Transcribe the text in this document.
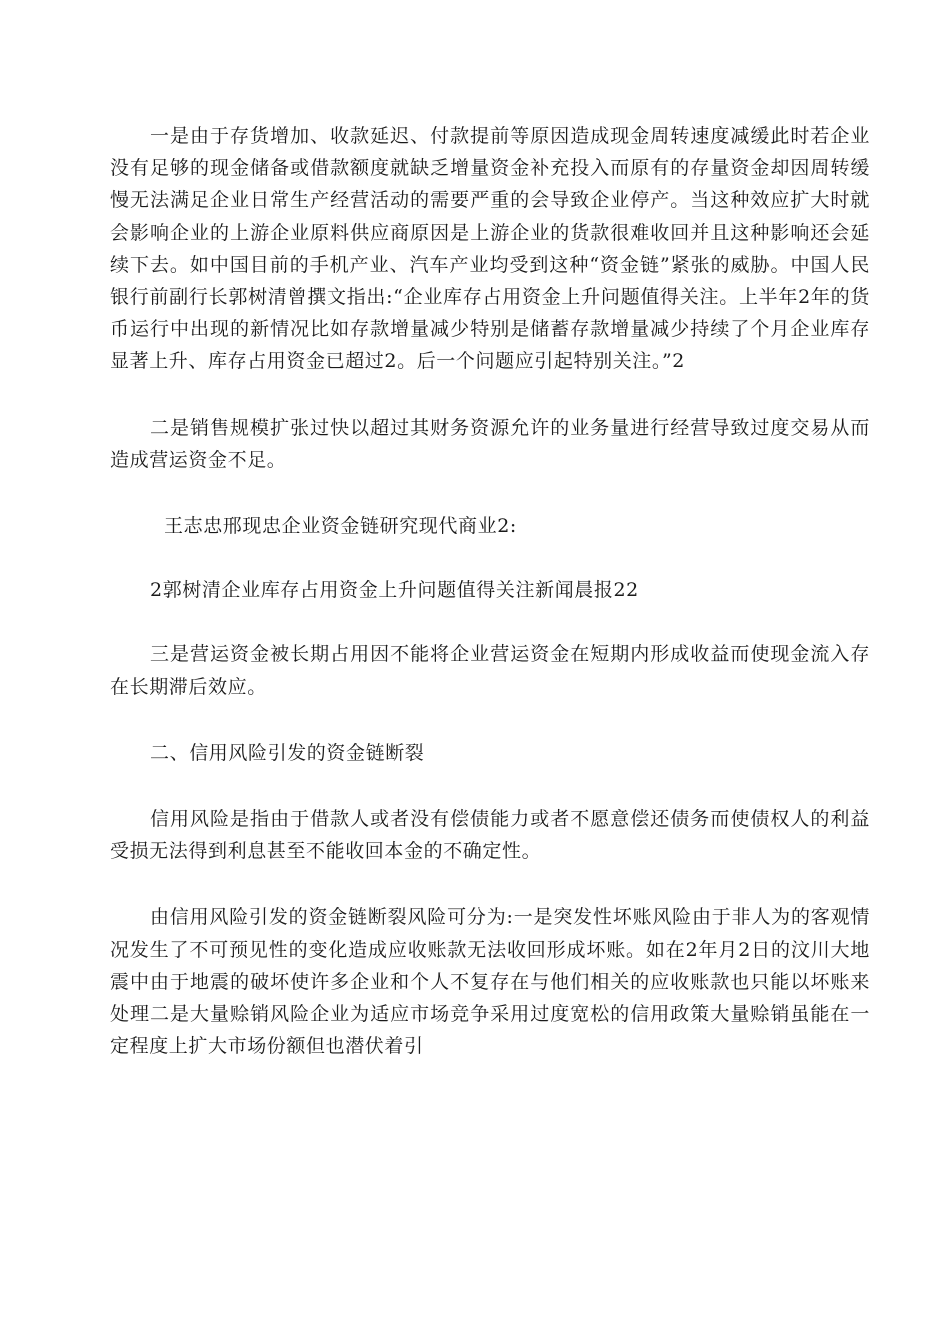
一是由于存货增加、收款延迟、付款提前等原因造成现金周转速度减缓此时若企业没有足够的现金储备或借款额度就缺乏增量资金补充投入而原有的存量资金却因周转缓慢无法满足企业日常生产经营活动的需要严重的会导致企业停产。当这种效应扩大时就会影响企业的上游企业原料供应商原因是上游企业的货款很难收回并且这种影响还会延续下去。如中国目前的手机产业、汽车产业均受到这种“资金链”紧张的威胁。中国人民银行前副行长郭树清曾撰文指出:“企业库存占用资金上升问题值得关注。上半年2年的货币运行中出现的新情况比如存款增量减少特别是储蓄存款增量减少持续了个月企业库存显著上升、库存占用资金已超过2。后一个问题应引起特别关注。”2

二是销售规模扩张过快以超过其财务资源允许的业务量进行经营导致过度交易从而造成营运资金不足。

王志忠邢现忠企业资金链研究现代商业2:

2郭树清企业库存占用资金上升问题值得关注新闻晨报22

三是营运资金被长期占用因不能将企业营运资金在短期内形成收益而使现金流入存在长期滞后效应。

二、信用风险引发的资金链断裂

信用风险是指由于借款人或者没有偿债能力或者不愿意偿还债务而使债权人的利益受损无法得到利息甚至不能收回本金的不确定性。

由信用风险引发的资金链断裂风险可分为:一是突发性坏账风险由于非人为的客观情况发生了不可预见性的变化造成应收账款无法收回形成坏账。如在2年月2日的汶川大地震中由于地震的破坏使许多企业和个人不复存在与他们相关的应收账款也只能以坏账来处理二是大量赊销风险企业为适应市场竞争采用过度宽松的信用政策大量赊销虽能在一定程度上扩大市场份额但也潜伏着引
